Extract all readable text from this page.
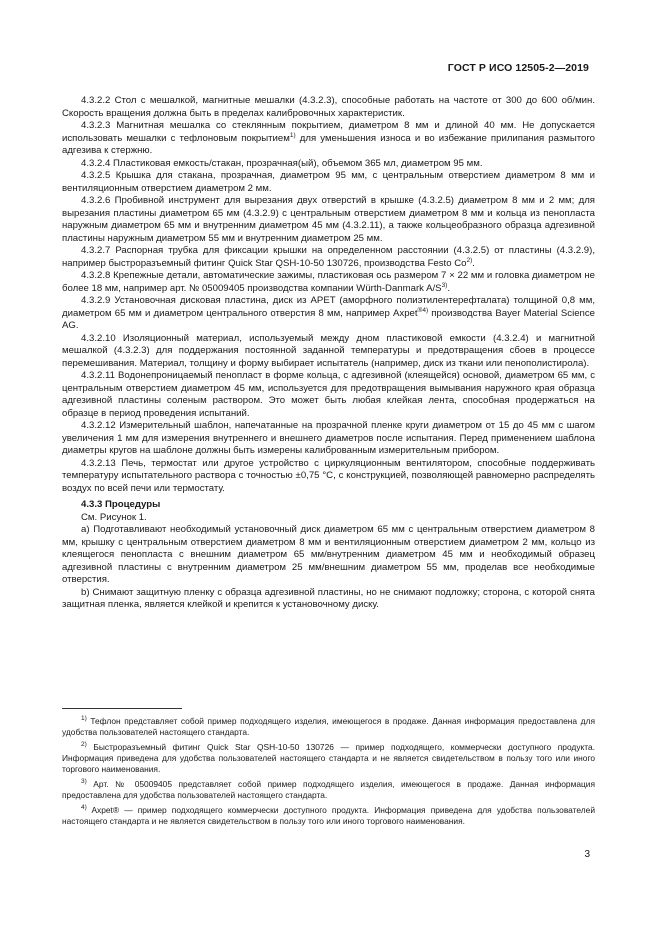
ГОСТ Р ИСО 12505-2—2019

4.3.2.2 Стол с мешалкой, магнитные мешалки (4.3.2.3), способные работать на частоте от 300 до 600 об/мин. Скорость вращения должна быть в пределах калибровочных характеристик.

4.3.2.3 Магнитная мешалка со стеклянным покрытием, диаметром 8 мм и длиной 40 мм. Не допускается использовать мешалки с тефлоновым покрытием$^{1)}$ для уменьшения износа и во избежание прилипания размытого адгезива к стержню.

4.3.2.4 Пластиковая емкость/стакан, прозрачная(ый), объемом 365 мл, диаметром 95 мм.

4.3.2.5 Крышка для стакана, прозрачная, диаметром 95 мм, с центральным отверстием диаметром 8 мм и вентиляционным отверстием диаметром 2 мм.

4.3.2.6 Пробивной инструмент для вырезания двух отверстий в крышке (4.3.2.5) диаметром 8 мм и 2 мм; для вырезания пластины диаметром 65 мм (4.3.2.9) с центральным отверстием диаметром 8 мм и кольца из пенопласта наружным диаметром 65 мм и внутренним диаметром 45 мм (4.3.2.11), а также кольцеобразного образца адгезивной пластины наружным диаметром 55 мм и внутренним диаметром 25 мм.

4.3.2.7 Распорная трубка для фиксации крышки на определенном расстоянии (4.3.2.5) от пластины (4.3.2.9), например быстроразъемный фитинг Quick Star QSH-10-50 130726, производства Festo Co$^{2)}$.

4.3.2.8 Крепежные детали, автоматические зажимы, пластиковая ось размером 7 × 22 мм и головка диаметром не более 18 мм, например арт. № 05009405 производства компании Würth-Danmark $A/S^{3)}$.

4.3.2.9 Установочная дисковая пластина, диск из APET (аморфного полиэтилентерефталата) толщиной 0,8 мм, диаметром 65 мм и диаметром центрального отверстия 8 мм, например Axpet$^{®4)}$ производства Bayer Material Science AG.

4.3.2.10 Изоляционный материал, используемый между дном пластиковой емкости (4.3.2.4) и магнитной мешалкой (4.3.2.3) для поддержания постоянной заданной температуры и предотвращения сбоев в процессе перемешивания. Материал, толщину и форму выбирает испытатель (например, диск из ткани или пенополистирола).

4.3.2.11 Водонепроницаемый пенопласт в форме кольца, с адгезивной (клеящейся) основой, диаметром 65 мм, с центральным отверстием диаметром 45 мм, используется для предотвращения вымывания наружного края образца адгезивной пластины соленым раствором. Это может быть любая клейкая лента, способная продержаться на образце в период проведения испытаний.

4.3.2.12 Измерительный шаблон, напечатанные на прозрачной пленке круги диаметром от 15 до 45 мм с шагом увеличения 1 мм для измерения внутреннего и внешнего диаметров после испытания. Перед применением шаблона диаметры кругов на шаблоне должны быть измерены калиброванным измерительным прибором.

4.3.2.13 Печь, термостат или другое устройство с циркуляционным вентилятором, способные поддерживать температуру испытательного раствора с точностью ±0,75 °С, с конструкцией, позволяющей равномерно распределять воздух по всей печи или термостату.

4.3.3 Процедуры

См. Рисунок 1.

а) Подготавливают необходимый установочный диск диаметром 65 мм с центральным отверстием диаметром 8 мм, крышку с центральным отверстием диаметром 8 мм и вентиляционным отверстием диаметром 2 мм, кольцо из клеящегося пенопласта с внешним диаметром 65 мм/внутренним диаметром 45 мм и необходимый образец адгезивной пластины с внутренним диаметром 25 мм/внешним диаметром 55 мм, проделав все необходимые отверстия.

b) Снимают защитную пленку с образца адгезивной пластины, но не снимают подложку; сторона, с которой снята защитная пленка, является клейкой и крепится к установочному диску.

$^{1)}$ Тефлон представляет собой пример подходящего изделия, имеющегося в продаже. Данная информация предоставлена для удобства пользователей настоящего стандарта.

$^{2)}$ Быстроразъемный фитинг Quick Star QSH-10-50 130726 — пример подходящего, коммерчески доступного продукта. Информация приведена для удобства пользователей настоящего стандарта и не является свидетельством в пользу того или иного торгового наименования.

$^{3)}$ Арт. № 05009405 представляет собой пример подходящего изделия, имеющегося в продаже. Данная информация предоставлена для удобства пользователей настоящего стандарта.

$^{4)}$ Axpet® — пример подходящего коммерчески доступного продукта. Информация приведена для удобства пользователей настоящего стандарта и не является свидетельством в пользу того или иного торгового наименования.

3
